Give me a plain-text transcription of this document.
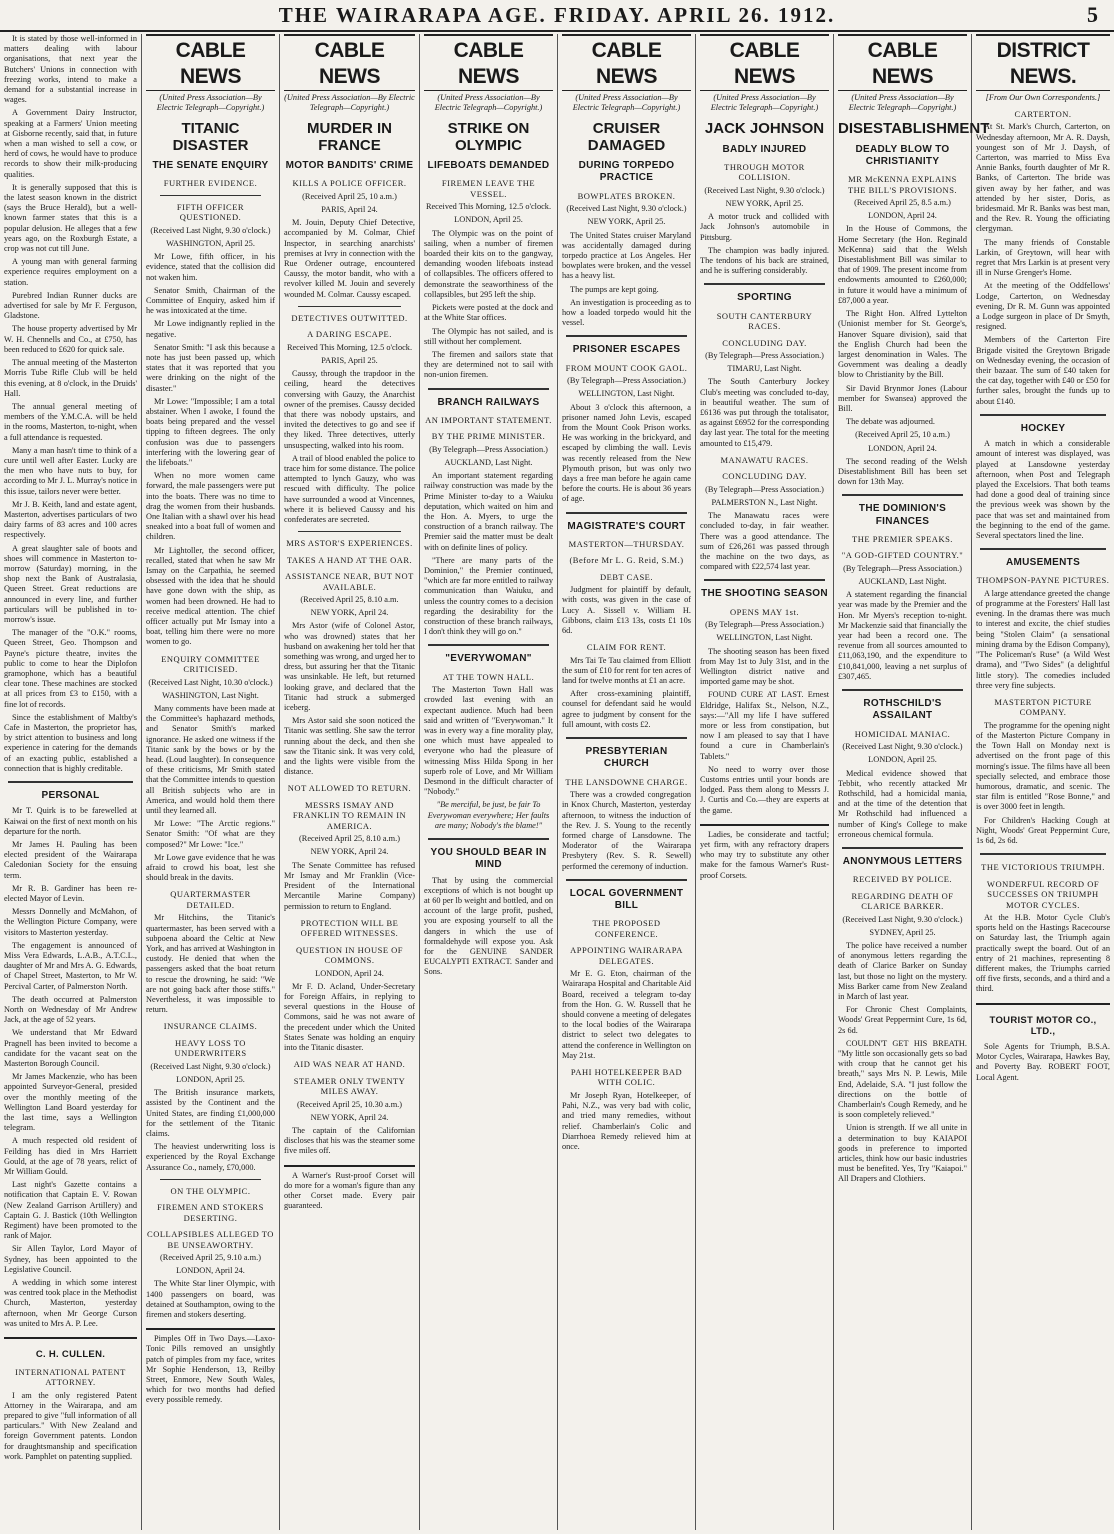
THE WAIRARAPA AGE. FRIDAY. APRIL 26. 1912.	5

It is stated by those well-informed in matters dealing with labour organisations, that next year the Butchers' Unions in connection with freezing works, intend to make a demand for a substantial increase in wages.

A Government Dairy Instructor, speaking at a Farmers' Union meeting at Gisborne recently, said that, in future when a man wished to sell a cow, or herd of cows, he would have to produce records to show their milk-producing qualities.

It is generally supposed that this is the latest season known in the district (says the Bruce Herald), but a well-known farmer states that this is a popular delusion. He alleges that a few years ago, on the Roxburgh Estate, a crop was not cut till June.

A young man with general farming experience requires employment on a station.

Purebred Indian Runner ducks are advertised for sale by Mr F. Ferguson, Gladstone.

The house property advertised by Mr W. H. Chennells and Co., at £750, has been reduced to £620 for quick sale.

The annual meeting of the Masterton Morris Tube Rifle Club will be held this evening, at 8 o'clock, in the Druids' Hall.

The annual general meeting of members of the Y.M.C.A. will be held in the rooms, Masterton, to-night, when a full attendance is requested.

Many a man hasn't time to think of a cure until well after Easter. Lucky are the men who have nuts to buy, for according to Mr J. L. Murray's notice in this issue, tailors never were better.

Mr J. B. Keith, land and estate agent, Masterton, advertises particulars of two dairy farms of 83 acres and 100 acres respectively.

A great slaughter sale of boots and shoes will commence in Masterton to-morrow (Saturday) morning, in the shop next the Bank of Australasia, Queen Street. Great reductions are announced in every line, and further particulars will be published in to-morrow's issue.

The manager of the "O.K." rooms, Queen Street, Geo. Thompson and Payne's picture theatre, invites the public to come to hear the Diplofon gramophone, which has a beautiful clear tone. These machines are stocked at all prices from £3 to £150, with a fine lot of records.

Since the establishment of Maltby's Cafe in Masterton, the proprietor has, by strict attention to business and long experience in catering for the demands of an exacting public, established a connection that is highly creditable.

PERSONAL

Mr T. Quirk is to be farewelled at Kaiwai on the first of next month on his departure for the north.

Mr James H. Pauling has been elected president of the Wairarapa Caledonian Society for the ensuing term.

Mr R. B. Gardiner has been re-elected Mayor of Levin.

Messrs Donnelly and McMahon, of the Wellington Picture Company, were visitors to Masterton yesterday.

The engagement is announced of Miss Vera Edwards, L.A.B., A.T.C.L., daughter of Mr and Mrs A. G. Edwards, of Chapel Street, Masterton, to Mr W. Percival Carter, of Palmerston North.

The death occurred at Palmerston North on Wednesday of Mr Andrew Jack, at the age of 52 years.

We understand that Mr Edward Pragnell has been invited to become a candidate for the vacant seat on the Masterton Borough Council.

Mr James Mackenzie, who has been appointed Surveyor-General, presided over the monthly meeting of the Wellington Land Board yesterday for the last time, says a Wellington telegram.

A much respected old resident of Feilding has died in Mrs Harriett Gould, at the age of 78 years, relict of Mr William Gould.

Last night's Gazette contains a notification that Captain E. V. Rowan (New Zealand Garrison Artillery) and Captain G. J. Bastick (10th Wellington Regiment) have been promoted to the rank of Major.

Sir Allen Taylor, Lord Mayor of Sydney, has been appointed to the Legislative Council.

A wedding in which some interest was centred took place in the Methodist Church, Masterton, yesterday afternoon, when Mr George Curson was united to Mrs A. P. Lee.

C. H. CULLEN.
INTERNATIONAL PATENT ATTORNEY.

I am the only registered Patent Attorney in the Wairarapa, and am prepared to give "full information of all particulars." With New Zealand and foreign Government patents. London for draughtsmanship and specification work. Pamphlet on patenting supplied.

CABLE NEWS
(United Press Association—By Electric Telegraph—Copyright.)
TITANIC DISASTER
THE SENATE ENQUIRY
FURTHER EVIDENCE.
FIFTH OFFICER QUESTIONED.
(Received Last Night, 9.30 o'clock.)
WASHINGTON, April 25.

Mr Lowe, fifth officer, in his evidence, stated that the collision did not waken him.

Senator Smith, Chairman of the Committee of Enquiry, asked him if he was intoxicated at the time.

Mr Lowe indignantly replied in the negative.

Senator Smith: "I ask this because a note has just been passed up, which states that it was reported that you were drinking on the night of the disaster."

Mr Lowe: "Impossible; I am a total abstainer. When I awoke, I found the boats being prepared and the vessel tipping to fifteen degrees. The only confusion was due to passengers interfering with the lowering gear of the lifeboats."

When no more women came forward, the male passengers were put into the boats. There was no time to drag the women from their husbands. One Italian with a shawl over his head sneaked into a boat full of women and children.

Mr Lightoller, the second officer, recalled, stated that when he saw Mr Ismay on the Carpathia, he seemed obsessed with the idea that he should have gone down with the ship, as women had been drowned. He had to receive medical attention. The chief officer actually put Mr Ismay into a boat, telling him there were no more women to go.

ENQUIRY COMMITTEE CRITICISED.
(Received Last Night, 10.30 o'clock.)
WASHINGTON, Last Night.

Many comments have been made at the Committee's haphazard methods, and Senator Smith's marked ignorance. He asked one witness if the Titanic sank by the bows or by the head. (Loud laughter). In consequence of these criticisms, Mr Smith stated that the Committee intends to question all British subjects who are in America, and would hold them there until they learned all.

Mr Lowe: "The Arctic regions." Senator Smith: "Of what are they composed?" Mr Lowe: "Ice."

Mr Lowe gave evidence that he was afraid to crowd his boat, lest she should break in the davits.

QUARTERMASTER DETAILED.

Mr Hitchins, the Titanic's quartermaster, has been served with a subpoena aboard the Celtic at New York, and has arrived at Washington in custody. He denied that when the passengers asked that the boat return to rescue the drowning, he said: "We are not going back after those stiffs." Nevertheless, it was impossible to return.

INSURANCE CLAIMS.
HEAVY LOSS TO UNDERWRITERS
(Received Last Night, 9.30 o'clock.)
LONDON, April 25.

The British insurance markets, assisted by the Continent and the United States, are finding £1,000,000 for the settlement of the Titanic claims.

The heaviest underwriting loss is experienced by the Royal Exchange Assurance Co., namely, £70,000.

ON THE OLYMPIC.
FIREMEN AND STOKERS DESERTING.
COLLAPSIBLES ALLEGED TO BE UNSEAWORTHY.
(Received April 25, 9.10 a.m.)
LONDON, April 24.

The White Star liner Olympic, with 1400 passengers on board, was detained at Southampton, owing to the firemen and stokers deserting.

Pimples Off in Two Days.—Laxo-Tonic Pills removed an unsightly patch of pimples from my face, writes Mr Sophie Henderson, 13, Reilby Street, Enmore, New South Wales, which for two months had defied every possible remedy.

CABLE NEWS
(United Press Association—By Electric Telegraph—Copyright.)
MURDER IN FRANCE
MOTOR BANDITS' CRIME
KILLS A POLICE OFFICER.
(Received April 25, 10 a.m.)
PARIS, April 24.

M. Jouin, Deputy Chief Detective, accompanied by M. Colmar, Chief Inspector, in searching anarchists' premises at Ivry in connection with the Rue Ordener outrage, encountered Caussy, the motor bandit, who with a revolver killed M. Jouin and severely wounded M. Colmar. Caussy escaped.

DETECTIVES OUTWITTED.
A DARING ESCAPE.
Received This Morning, 12.5 o'clock.
PARIS, April 25.

Caussy, through the trapdoor in the ceiling, heard the detectives conversing with Gauzy, the Anarchist owner of the premises. Caussy decided that there was nobody upstairs, and invited the detectives to go and see if they liked. Three detectives, utterly unsuspecting, walked into his room.

A trail of blood enabled the police to trace him for some distance. The police attempted to lynch Gauzy, who was rescued with difficulty. The police have surrounded a wood at Vincennes, where it is believed Caussy and his confederates are secreted.

MRS ASTOR'S EXPERIENCES.
TAKES A HAND AT THE OAR.
ASSISTANCE NEAR, BUT NOT AVAILABLE.
(Received April 25, 8.10 a.m.
NEW YORK, April 24.

Mrs Astor (wife of Colonel Astor, who was drowned) states that her husband on awakening her told her that something was wrong, and urged her to dress, but assuring her that the Titanic was unsinkable. He left, but returned looking grave, and declared that the Titanic had struck a submerged iceberg.

Mrs Astor said she soon noticed the Titanic was settling. She saw the terror running about the deck, and then she saw the Titanic sink. It was very cold, and the lights were visible from the distance.

NOT ALLOWED TO RETURN.
MESSRS ISMAY AND FRANKLIN TO REMAIN IN AMERICA.
(Received April 25, 8.10 a.m.)
NEW YORK, April 24.

The Senate Committee has refused Mr Ismay and Mr Franklin (Vice-President of the International Mercantile Marine Company) permission to return to England.

PROTECTION WILL BE OFFERED WITNESSES.
QUESTION IN HOUSE OF COMMONS.
LONDON, April 24.

Mr F. D. Acland, Under-Secretary for Foreign Affairs, in replying to several questions in the House of Commons, said he was not aware of the precedent under which the United States Senate was holding an enquiry into the Titanic disaster.

AID WAS NEAR AT HAND.
STEAMER ONLY TWENTY MILES AWAY.
(Received April 25, 10.30 a.m.)
NEW YORK, April 24.

The captain of the Californian discloses that his was the steamer some five miles off.

A Warner's Rust-proof Corset will do more for a woman's figure than any other Corset made. Every pair guaranteed.

CABLE NEWS
(United Press Association—By Electric Telegraph—Copyright.)
STRIKE ON OLYMPIC
LIFEBOATS DEMANDED
FIREMEN LEAVE THE VESSEL.
Received This Morning, 12.5 o'clock.
LONDON, April 25.

The Olympic was on the point of sailing, when a number of firemen boarded their kits on to the gangway, demanding wooden lifeboats instead of collapsibles. The officers offered to demonstrate the seaworthiness of the collapsibles, but 295 left the ship.

Pickets were posted at the dock and at the White Star offices.

The Olympic has not sailed, and is still without her complement.

The firemen and sailors state that they are determined not to sail with non-union firemen.

BRANCH RAILWAYS
AN IMPORTANT STATEMENT.
BY THE PRIME MINISTER.
(By Telegraph—Press Association.)
AUCKLAND, Last Night.

An important statement regarding railway construction was made by the Prime Minister to-day to a Waiuku deputation, which waited on him and the Hon. A. Myers, to urge the construction of a branch railway. The Premier said the matter must be dealt with on definite lines of policy.

"There are many parts of the Dominion," the Premier continued, "which are far more entitled to railway communication than Waiuku, and unless the country comes to a decision regarding the desirability for the construction of these branch railways, I don't think they will go on."

"EVERYWOMAN"
AT THE TOWN HALL.

The Masterton Town Hall was crowded last evening with an expectant audience. Much had been said and written of "Everywoman." It was in every way a fine morality play, one which must have appealed to everyone who had the pleasure of witnessing Miss Hilda Spong in her superb role of Love, and Mr William Desmond in the difficult character of "Nobody."

"Be merciful, be just, be fair To Everywoman everywhere; Her faults are many; Nobody's the blame!"

YOU SHOULD BEAR IN MIND

That by using the commercial exceptions of which is not bought up at 60 per lb weight and bottled, and on account of the large profit, pushed, you are exposing yourself to all the dangers in which the use of formaldehyde will expose you. Ask for the GENUINE SANDER EUCALYPTI EXTRACT. Sander and Sons.

CABLE NEWS
(United Press Association—By Electric Telegraph—Copyright.)
CRUISER DAMAGED
DURING TORPEDO PRACTICE
BOWPLATES BROKEN.
(Received Last Night, 9.30 o'clock.)
NEW YORK, April 25.

The United States cruiser Maryland was accidentally damaged during torpedo practice at Los Angeles. Her bowplates were broken, and the vessel has a heavy list.

The pumps are kept going.

An investigation is proceeding as to how a loaded torpedo would hit the vessel.

PRISONER ESCAPES
FROM MOUNT COOK GAOL.
(By Telegraph—Press Association.)
WELLINGTON, Last Night.

About 3 o'clock this afternoon, a prisoner named John Levis, escaped from the Mount Cook Prison works. He was working in the brickyard, and escaped by climbing the wall. Levis was recently released from the New Plymouth prison, but was only two days a free man before he again came before the courts. He is about 36 years of age.

MAGISTRATE'S COURT
MASTERTON—THURSDAY.
(Before Mr L. G. Reid, S.M.)
DEBT CASE.

Judgment for plaintiff by default, with costs, was given in the case of Lucy A. Sissell v. William H. Gibbons, claim £13 13s, costs £1 10s 6d.

CLAIM FOR RENT.

Mrs Tai Te Tau claimed from Elliott the sum of £10 for rent for ten acres of land for twelve months at £1 an acre.

After cross-examining plaintiff, counsel for defendant said he would agree to judgment by consent for the full amount, with costs £2.

PRESBYTERIAN CHURCH
THE LANSDOWNE CHARGE.

There was a crowded congregation in Knox Church, Masterton, yesterday afternoon, to witness the induction of the Rev. J. S. Young to the recently formed charge of Lansdowne. The Moderator of the Wairarapa Presbytery (Rev. S. R. Sewell) performed the ceremony of induction.

LOCAL GOVERNMENT BILL
THE PROPOSED CONFERENCE.
APPOINTING WAIRARAPA DELEGATES.

Mr E. G. Eton, chairman of the Wairarapa Hospital and Charitable Aid Board, received a telegram to-day from the Hon. G. W. Russell that he should convene a meeting of delegates to the local bodies of the Wairarapa district to select two delegates to attend the conference in Wellington on May 21st.

PAHI HOTELKEEPER BAD WITH COLIC.

Mr Joseph Ryan, Hotelkeeper, of Pahi, N.Z., was very bad with colic, and tried many remedies, without relief. Chamberlain's Colic and Diarrhoea Remedy relieved him at once.

CABLE NEWS
(United Press Association—By Electric Telegraph—Copyright.)
JACK JOHNSON
BADLY INJURED
THROUGH MOTOR COLLISION.
(Received Last Night, 9.30 o'clock.)
NEW YORK, April 25.

A motor truck and collided with Jack Johnson's automobile in Pittsburg.

The champion was badly injured. The tendons of his back are strained, and he is suffering considerably.

SPORTING
SOUTH CANTERBURY RACES.
CONCLUDING DAY.
(By Telegraph—Press Association.)
TIMARU, Last Night.

The South Canterbury Jockey Club's meeting was concluded to-day, in beautiful weather. The sum of £6136 was put through the totalisator, as against £6952 for the corresponding day last year. The total for the meeting amounted to £15,479.

MANAWATU RACES.
CONCLUDING DAY.
(By Telegraph—Press Association.)
PALMERSTON N., Last Night.

The Manawatu races were concluded to-day, in fair weather. There was a good attendance. The sum of £26,261 was passed through the machine on the two days, as compared with £22,574 last year.

THE SHOOTING SEASON
OPENS MAY 1st.
(By Telegraph—Press Association.)
WELLINGTON, Last Night.

The shooting season has been fixed from May 1st to July 31st, and in the Wellington district native and imported game may be shot.

FOUND CURE AT LAST. Ernest Eldridge, Halifax St., Nelson, N.Z., says:—"All my life I have suffered more or less from constipation, but now I am pleased to say that I have found a cure in Chamberlain's Tablets."

No need to worry over those Customs entries until your bonds are lodged. Pass them along to Messrs J. J. Curtis and Co.—they are experts at the game.

Ladies, be considerate and tactful; yet firm, with any refractory drapers who may try to substitute any other make for the famous Warner's Rust-proof Corsets.

CABLE NEWS
(United Press Association—By Electric Telegraph—Copyright.)
DISESTABLISHMENT
DEADLY BLOW TO CHRISTIANITY
MR McKENNA EXPLAINS THE BILL'S PROVISIONS.
(Received April 25, 8.5 a.m.)
LONDON, April 24.

In the House of Commons, the Home Secretary (the Hon. Reginald McKenna) said that the Welsh Disestablishment Bill was similar to that of 1909. The present income from endowments amounted to £260,000; in future it would have a minimum of £87,000 a year.

The Right Hon. Alfred Lyttelton (Unionist member for St. George's, Hanover Square division), said that the English Church had been the largest denomination in Wales. The Government was dealing a deadly blow to Christianity by the Bill.

Sir David Brynmor Jones (Labour member for Swansea) approved the Bill.

The debate was adjourned.

(Received April 25, 10 a.m.)
LONDON, April 24.

The second reading of the Welsh Disestablishment Bill has been set down for 13th May.

THE DOMINION'S FINANCES
THE PREMIER SPEAKS.
"A GOD-GIFTED COUNTRY."
(By Telegraph—Press Association.)
AUCKLAND, Last Night.

A statement regarding the financial year was made by the Premier and the Hon. Mr Myers's reception to-night. Mr Mackenzie said that financially the year had been a record one. The revenue from all sources amounted to £11,063,190, and the expenditure to £10,841,000, leaving a net surplus of £307,465.

ROTHSCHILD'S ASSAILANT
HOMICIDAL MANIAC.
(Received Last Night, 9.30 o'clock.)
LONDON, April 25.

Medical evidence showed that Tebbit, who recently attacked Mr Rothschild, had a homicidal mania, and at the time of the detention that Mr Rothschild had influenced a number of King's College to make erroneous chemical formula.

ANONYMOUS LETTERS
RECEIVED BY POLICE.
REGARDING DEATH OF CLARICE BARKER.
(Received Last Night, 9.30 o'clock.)
SYDNEY, April 25.

The police have received a number of anonymous letters regarding the death of Clarice Barker on Sunday last, but those no light on the mystery. Miss Barker came from New Zealand in March of last year.

For Chronic Chest Complaints, Woods' Great Peppermint Cure, 1s 6d, 2s 6d.

COULDN'T GET HIS BREATH. "My little son occasionally gets so bad with croup that he cannot get his breath," says Mrs N. P. Lewis, Mile End, Adelaide, S.A. "I just follow the directions on the bottle of Chamberlain's Cough Remedy, and he is soon completely relieved."

Union is strength. If we all unite in a determination to buy KAIAPOI goods in preference to imported articles, think how our basic industries must be benefited. Yes, Try "Kaiapoi." All Drapers and Clothiers.

DISTRICT NEWS.
[From Our Own Correspondents.]
CARTERTON.

At St. Mark's Church, Carterton, on Wednesday afternoon, Mr A. R. Daysh, youngest son of Mr J. Daysh, of Carterton, was married to Miss Eva Annie Banks, fourth daughter of Mr R. Banks, of Carterton. The bride was given away by her father, and was attended by her sister, Doris, as bridesmaid. Mr R. Banks was best man, and the Rev. R. Young the officiating clergyman.

The many friends of Constable Larkin, of Greytown, will hear with regret that Mrs Larkin is at present very ill in Nurse Grenger's Home.

At the meeting of the Oddfellows' Lodge, Carterton, on Wednesday evening, Dr R. M. Gunn was appointed a Lodge surgeon in place of Dr Smyth, resigned.

Members of the Carterton Fire Brigade visited the Greytown Brigade on Wednesday evening, the occasion of their bazaar. The sum of £40 taken for the cat day, together with £40 or £50 for further sales, brought the funds up to about £140.

HOCKEY

A match in which a considerable amount of interest was displayed, was played at Lansdowne yesterday afternoon, when Post and Telegraph played the Excelsiors. That both teams had done a good deal of training since the previous week was shown by the pace that was set and maintained from the beginning to the end of the game. Several spectators lined the line.

AMUSEMENTS
THOMPSON-PAYNE PICTURES.

A large attendance greeted the change of programme at the Foresters' Hall last evening. In the dramas there was much to interest and excite, the chief studies being "Stolen Claim" (a sensational mining drama by the Edison Company), "The Policeman's Ruse" (a Wild West drama), and "Two Sides" (a delightful little story). The comedies included three very fine subjects.

MASTERTON PICTURE COMPANY.

The programme for the opening night of the Masterton Picture Company in the Town Hall on Monday next is advertised on the front page of this morning's issue. The films have all been specially selected, and embrace those humorous, dramatic, and scenic. The star film is entitled "Rose Bonne," and is over 3000 feet in length.

For Children's Hacking Cough at Night, Woods' Great Peppermint Cure, 1s 6d, 2s 6d.

THE VICTORIOUS TRIUMPH.
WONDERFUL RECORD OF SUCCESSES ON TRIUMPH MOTOR CYCLES.

At the H.B. Motor Cycle Club's sports held on the Hastings Racecourse on Saturday last, the Triumph again practically swept the board. Out of an entry of 21 machines, representing 8 different makes, the Triumphs carried off five firsts, seconds, and a third and a third.

TOURIST MOTOR CO., LTD.,

Sole Agents for Triumph, B.S.A. Motor Cycles, Wairarapa, Hawkes Bay, and Poverty Bay. ROBERT FOOT, Local Agent.
